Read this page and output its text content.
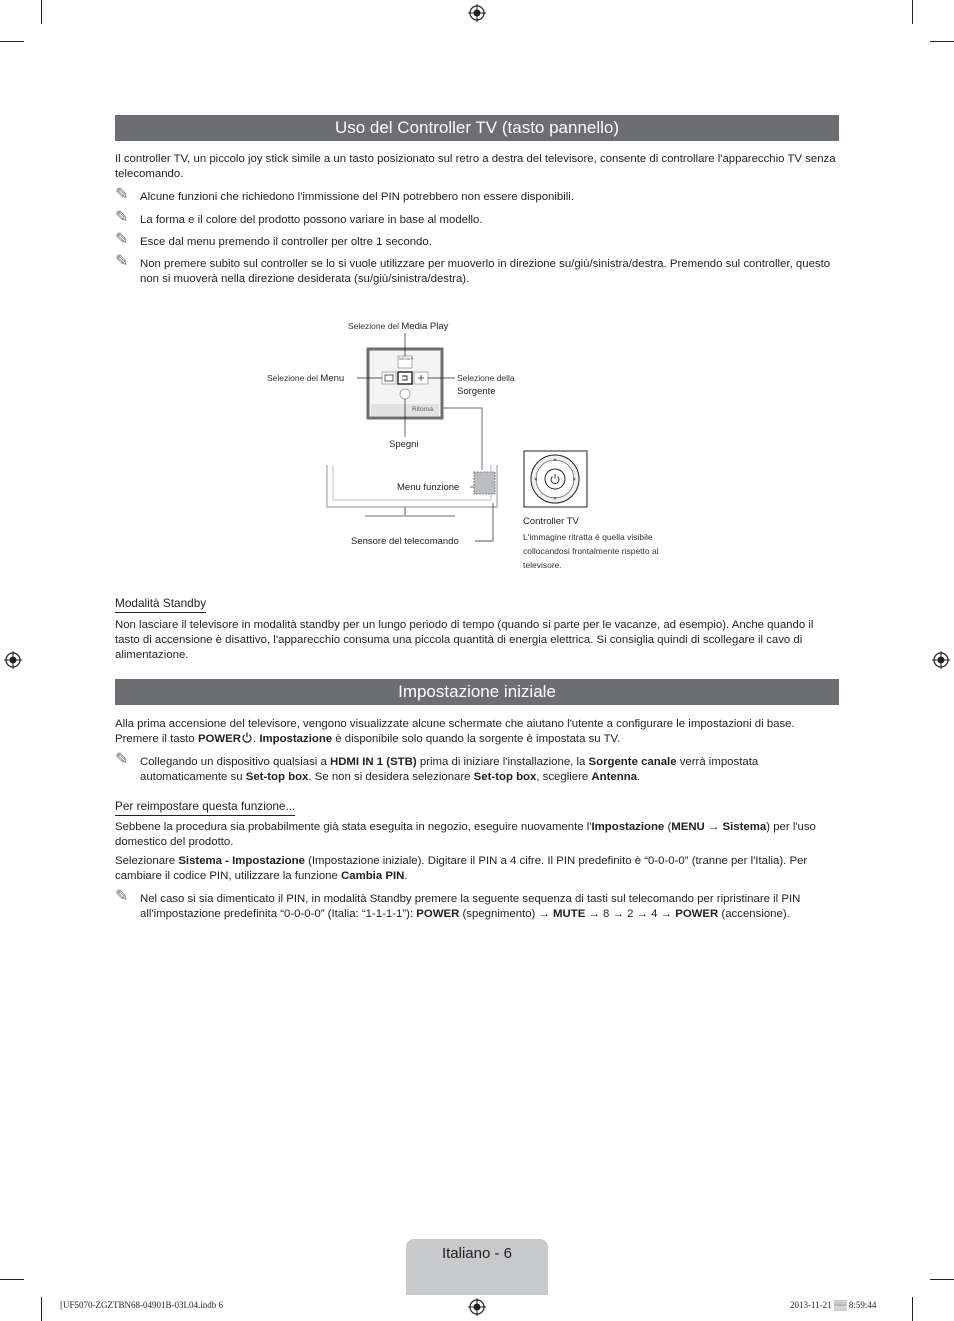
Uso del Controller TV (tasto pannello)

Il controller TV, un piccolo joy stick simile a un tasto posizionato sul retro a destra del televisore, consente di controllare l'apparecchio TV senza telecomando.

✎ Alcune funzioni che richiedono l'immissione del PIN potrebbero non essere disponibili.
✎ La forma e il colore del prodotto possono variare in base al modello.
✎ Esce dal menu premendo il controller per oltre 1 secondo.
✎ Non premere subito sul controller se lo si vuole utilizzare per muoverlo in direzione su/giù/sinistra/destra. Premendo sul controller, questo non si muoverà nella direzione desiderata (su/giù/sinistra/destra).
Selezione del Media Play
Selezione del Menu	Selezione della
Sorgente
MEDIA.P
Ritorna
Spegni
Menu funzione
Sensore del telecomando
Controller TV
L'immagine ritratta è quella visibile collocandosi frontalmente rispetto al televisore.
Modalità Standby

Non lasciare il televisore in modalità standby per un lungo periodo di tempo (quando si parte per le vacanze, ad esempio). Anche quando il tasto di accensione è disattivo, l'apparecchio consuma una piccola quantità di energia elettrica. Si consiglia quindi di scollegare il cavo di alimentazione.

Impostazione iniziale

Alla prima accensione del televisore, vengono visualizzate alcune schermate che aiutano l'utente a configurare le impostazioni di base. Premere il tasto POWER . Impostazione è disponibile solo quando la sorgente è impostata su TV.

✎ Collegando un dispositivo qualsiasi a HDMI IN 1 (STB) prima di iniziare l'installazione, la Sorgente canale verrà impostata automaticamente su Set-top box. Se non si desidera selezionare Set-top box, scegliere Antenna.
Per reimpostare questa funzione...

Sebbene la procedura sia probabilmente già stata eseguita in negozio, eseguire nuovamente l'Impostazione (MENU → Sistema) per l'uso domestico del prodotto.

Selezionare Sistema - Impostazione (Impostazione iniziale). Digitare il PIN a 4 cifre. Il PIN predefinito è “0-0-0-0” (tranne per l'Italia). Per cambiare il codice PIN, utilizzare la funzione Cambia PIN.

✎ Nel caso si sia dimenticato il PIN, in modalità Standby premere la seguente sequenza di tasti sul telecomando per ripristinare il PIN all'impostazione predefinita “0-0-0-0” (Italia: “1-1-1-1”): POWER (spegnimento) → MUTE → 8 → 2 → 4 → POWER (accensione).
Italiano - 6
[UF5070-ZGZTBN68-04901B-03L04.indb 6	2013-11-21 ▒▒ 8:59:44
